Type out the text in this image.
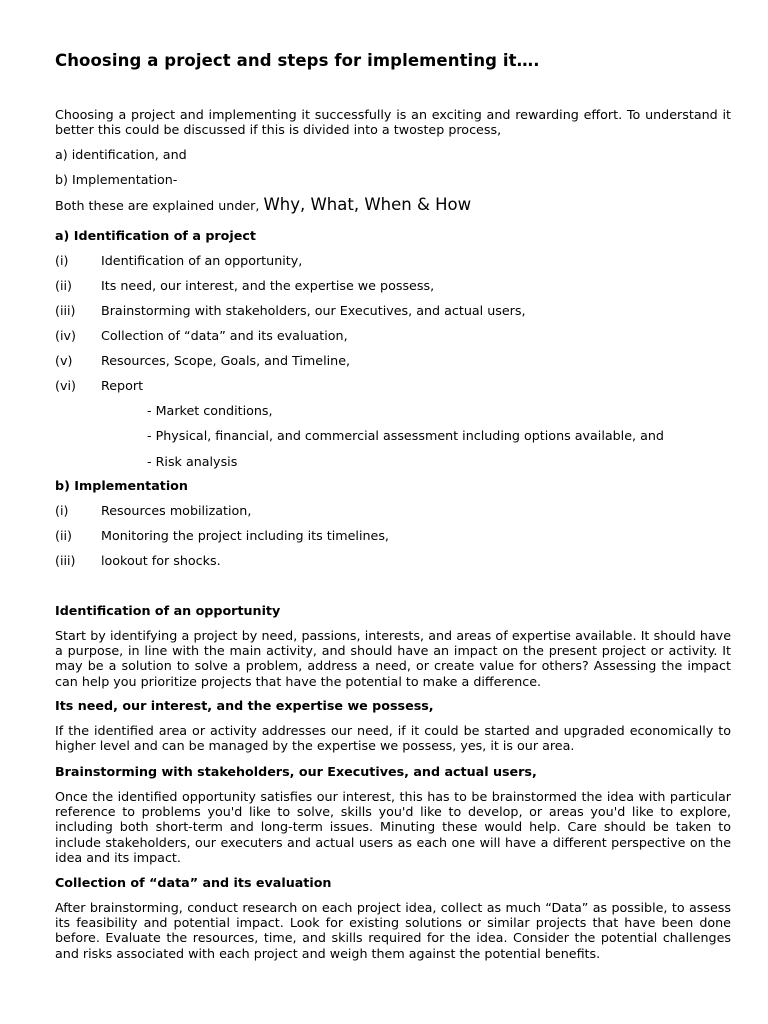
Choosing a project and steps for implementing it….
Choosing a project and implementing it successfully is an exciting and rewarding effort. To understand it better this could be discussed if this is divided into a twostep process,
a) identification, and
b) Implementation-
Both these are explained under, Why, What, When & How
a) Identification of a project
(i)	Identification of an opportunity,
(ii) Its need, our interest, and the expertise we possess,
(iii) Brainstorming with stakeholders, our Executives, and actual users,
(iv) Collection of “data” and its evaluation,
(v) Resources, Scope, Goals, and Timeline,
(vi) Report
- Market conditions,
- Physical, financial, and commercial assessment including options available, and
- Risk analysis
b) Implementation
(i)	Resources mobilization,
(ii) Monitoring the project including its timelines,
(iii) lookout for shocks.
Identification of an opportunity
Start by identifying a project by need, passions, interests, and areas of expertise available. It should have a purpose, in line with the main activity, and should have an impact on the present project or activity. It may be a solution to solve a problem, address a need, or create value for others? Assessing the impact can help you prioritize projects that have the potential to make a difference.
Its need, our interest, and the expertise we possess,
If the identified area or activity addresses our need, if it could be started and upgraded economically to higher level and can be managed by the expertise we possess, yes, it is our area.
Brainstorming with stakeholders, our Executives, and actual users,
Once the identified opportunity satisfies our interest, this has to be brainstormed the idea with particular reference to problems you'd like to solve, skills you'd like to develop, or areas you'd like to explore, including both short-term and long-term issues. Minuting these would help. Care should be taken to include stakeholders, our executers and actual users as each one will have a different perspective on the idea and its impact.
Collection of “data” and its evaluation
After brainstorming, conduct research on each project idea, collect as much “Data” as possible, to assess its feasibility and potential impact. Look for existing solutions or similar projects that have been done before. Evaluate the resources, time, and skills required for the idea. Consider the potential challenges and risks associated with each project and weigh them against the potential benefits.
